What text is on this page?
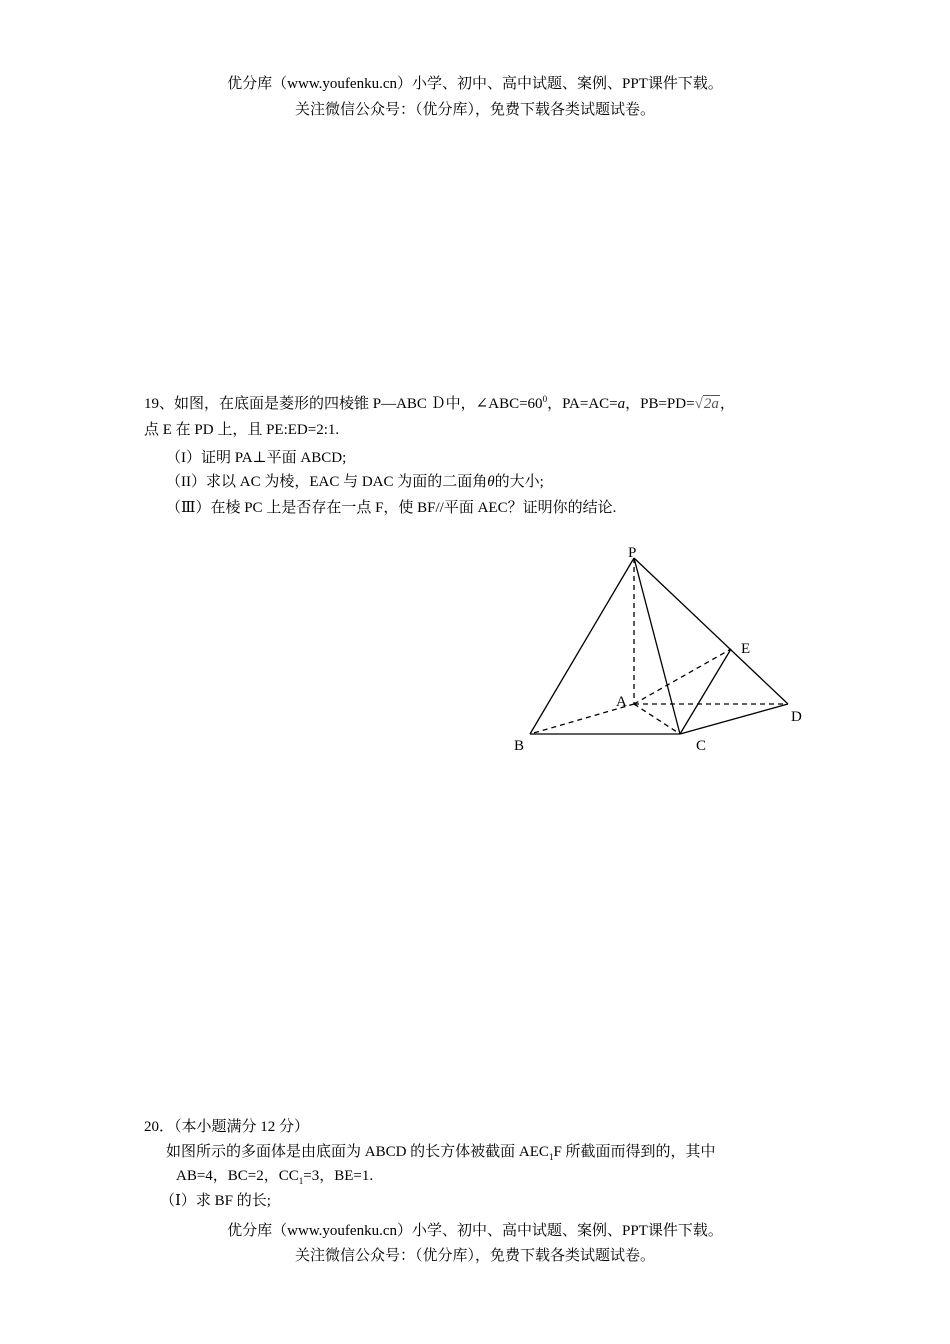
优分库（www.youfenku.cn）小学、初中、高中试题、案例、PPT课件下载。
关注微信公众号：（优分库），免费下载各类试题试卷。
19、如图，在底面是菱形的四棱锥 P—ABC Ｄ中，$\angle ABC=60^0$，PA=AC=a，PB=PD=√2a，
点 E 在 PD 上，且 PE:ED=2:1.
（I）证明 PA⊥平面 ABCD;
（II）求以 AC 为棱，EAC 与 DAC 为面的二面角θ的大小;
（Ⅲ）在棱 PC 上是否存在一点 F，使 BF//平面 AEC？证明你的结论.
P
E
A
D
B	C
20．（本小题满分 12 分）
如图所示的多面体是由底面为 ABCD 的长方体被截面 $AEC_1F$ 所截面而得到的，其中
AB=4，BC=2，$CC_1=3$，BE=1.
（Ⅰ）求 BF 的长;
优分库（www.youfenku.cn）小学、初中、高中试题、案例、PPT课件下载。
关注微信公众号：（优分库），免费下载各类试题试卷。
